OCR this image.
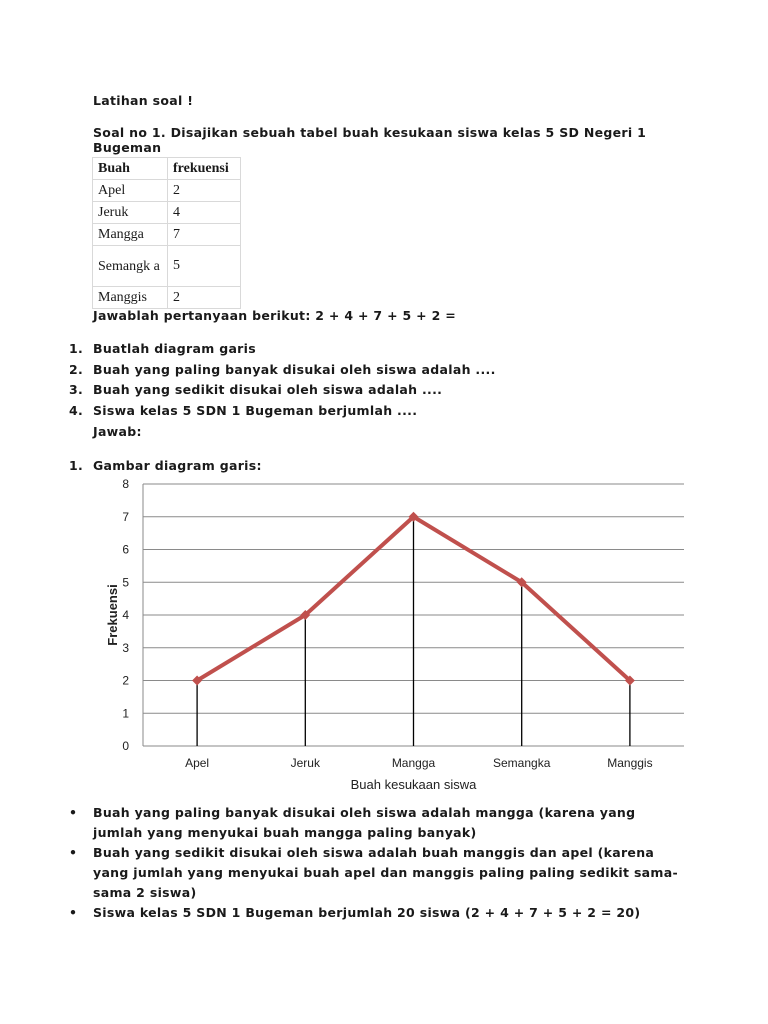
Latihan soal !
Soal no 1. Disajikan sebuah tabel buah kesukaan siswa kelas 5 SD Negeri 1 Bugeman
Buah	frekuensi
Apel	2
Jeruk	4
Mangga	7
Semangk a	5
Manggis	2
Jawablah pertanyaan berikut: 2 + 4 + 7 + 5 + 2 =
1. Buatlah diagram garis
2. Buah yang paling banyak disukai oleh siswa adalah ....
3. Buah yang sedikit disukai oleh siswa adalah ....
4. Siswa kelas 5 SDN 1 Bugeman berjumlah ....
Jawab:
1. Gambar diagram garis:
0
1
2
3
4
5
6
7
8
Apel	Jeruk	Mangga	Semangka	Manggis
Frekuensi
Buah kesukaan siswa
•	Buah yang paling banyak disukai oleh siswa adalah mangga (karena yang jumlah yang menyukai buah mangga paling banyak)
•	Buah yang sedikit disukai oleh siswa adalah buah manggis dan apel (karena yang jumlah yang menyukai buah apel dan manggis paling paling sedikit sama-sama 2 siswa)
•	Siswa kelas 5 SDN 1 Bugeman berjumlah 20 siswa (2 + 4 + 7 + 5 + 2 = 20)
